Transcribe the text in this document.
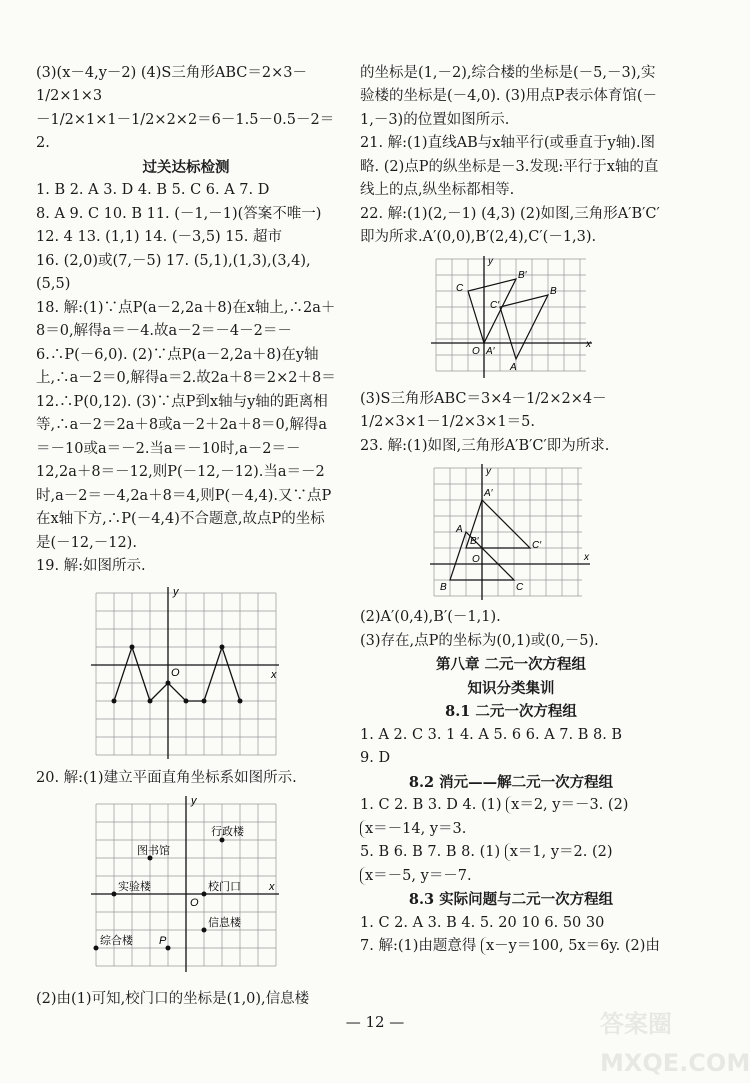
(3)(x－4,y－2) (4)S三角形ABC＝2×3－1/2×1×3

－1/2×1×1－1/2×2×2＝6－1.5－0.5－2＝2.

过关达标检测

1. B 2. A 3. D 4. B 5. C 6. A 7. D

8. A 9. C 10. B 11. (－1,－1)(答案不唯一)

12. 4 13. (1,1) 14. (－3,5) 15. 超市

16. (2,0)或(7,－5) 17. (5,1),(1,3),(3,4),(5,5)

18. 解:(1)∵点P(a－2,2a＋8)在x轴上,∴2a＋8＝0,解得a＝－4.故a－2＝－4－2＝－6.∴P(－6,0). (2)∵点P(a－2,2a＋8)在y轴上,∴a－2＝0,解得a＝2.故2a＋8＝2×2＋8＝12.∴P(0,12). (3)∵点P到x轴与y轴的距离相等,∴a－2＝2a＋8或a－2＋2a＋8＝0,解得a＝－10或a＝－2.当a＝－10时,a－2＝－12,2a＋8＝－12,则P(－12,－12).当a＝－2时,a－2＝－4,2a＋8＝4,则P(－4,4).又∵点P在x轴下方,∴P(－4,4)不合题意,故点P的坐标是(－12,－12).

19. 解:如图所示.

x
y
O

20. 解:(1)建立平面直角坐标系如图所示.

y
x
行政楼
图书馆
实验楼	校门口
信息楼
综合楼 P
O

(2)由(1)可知,校门口的坐标是(1,0),信息楼

的坐标是(1,－2),综合楼的坐标是(－5,－3),实验楼的坐标是(－4,0). (3)用点P表示体育馆(－1,－3)的位置如图所示.

21. 解:(1)直线AB与x轴平行(或垂直于y轴).图略. (2)点P的纵坐标是－3.发现:平行于x轴的直线上的点,纵坐标都相等.

22. 解:(1)(2,－1) (4,3) (2)如图,三角形A′B′C′即为所求.A′(0,0),B′(2,4),C′(－1,3).

B′
C
C′
B
O A′
A
x
y

(3)S三角形ABC＝3×4－1/2×2×4－1/2×3×1－1/2×3×1＝5.

23. 解:(1)如图,三角形A′B′C′即为所求.

A′
A
B′	C′
B	C
O	x
y

(2)A′(0,4),B′(－1,1).

(3)存在,点P的坐标为(0,1)或(0,－5).

第八章 二元一次方程组

知识分类集训

8.1 二元一次方程组

1. A 2. C 3. 1 4. A 5. 6 6. A 7. B 8. B

9. D

8.2 消元——解二元一次方程组

1. C 2. B 3. D 4. (1) x＝2, y＝－3. (2) x＝－14, y＝3.

5. B 6. B 7. B 8. (1) x＝1, y＝2. (2) x＝－5, y＝－7.

8.3 实际问题与二元一次方程组

1. C 2. A 3. B 4. 5. 20 10 6. 50 30

7. 解:(1)由题意得 x－y＝100, 5x＝6y. (2)由

— 12 —	答案圈 MXQE.COM
